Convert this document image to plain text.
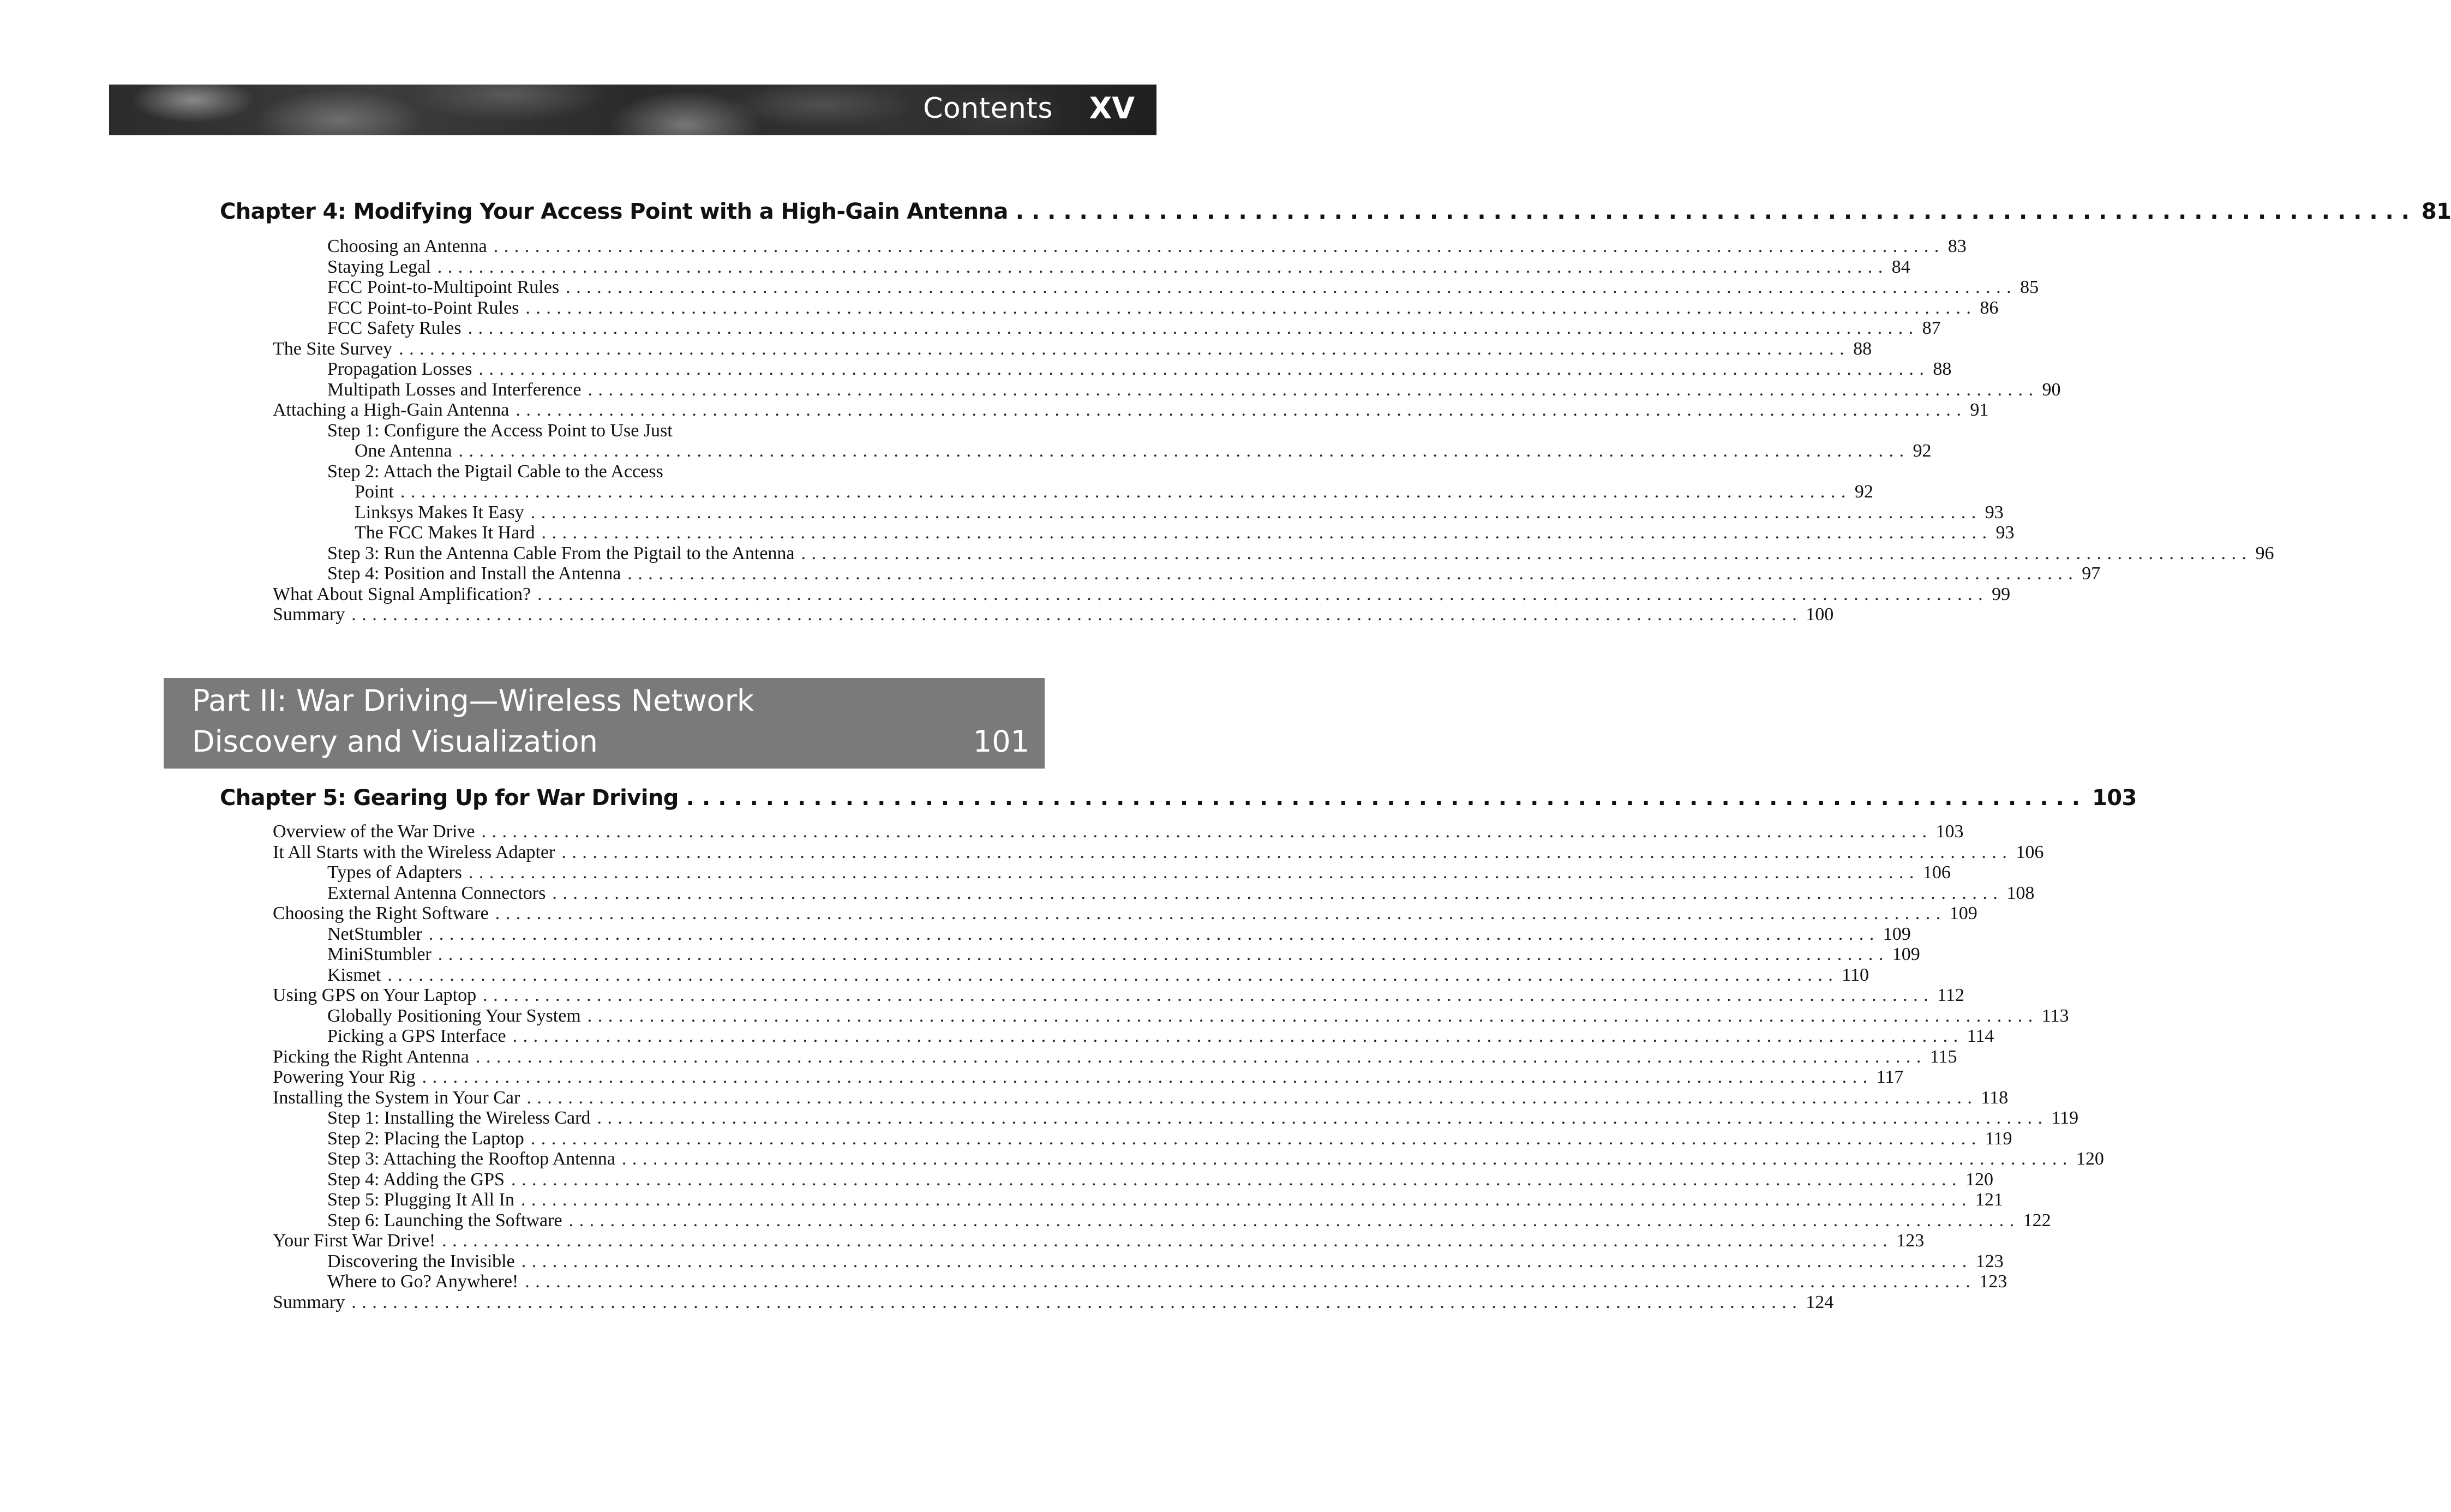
Contents XV
Chapter 4: Modifying Your Access Point with a High-Gain Antenna ........................................................................................ 81
Choosing an Antenna ............................................................................................................................................ 83
Staying Legal ............................................................................................................................................ 84
FCC Point-to-Multipoint Rules ............................................................................................................................................ 85
FCC Point-to-Point Rules ............................................................................................................................................ 86
FCC Safety Rules ............................................................................................................................................ 87
The Site Survey ............................................................................................................................................ 88
Propagation Losses ............................................................................................................................................ 88
Multipath Losses and Interference ............................................................................................................................................ 90
Attaching a High-Gain Antenna ............................................................................................................................................ 91
Step 1: Configure the Access Point to Use Just
One Antenna ............................................................................................................................................ 92
Step 2: Attach the Pigtail Cable to the Access
Point ............................................................................................................................................ 92
Linksys Makes It Easy ............................................................................................................................................ 93
The FCC Makes It Hard ............................................................................................................................................ 93
Step 3: Run the Antenna Cable From the Pigtail to the Antenna ............................................................................................................................................ 96
Step 4: Position and Install the Antenna ............................................................................................................................................ 97
What About Signal Amplification? ............................................................................................................................................ 99
Summary ............................................................................................................................................ 100
Part II: War Driving—Wireless Network
Discovery and Visualization	101
Chapter 5: Gearing Up for War Driving ........................................................................................ 103
Overview of the War Drive ............................................................................................................................................ 103
It All Starts with the Wireless Adapter ............................................................................................................................................ 106
Types of Adapters ............................................................................................................................................ 106
External Antenna Connectors ............................................................................................................................................ 108
Choosing the Right Software ............................................................................................................................................ 109
NetStumbler ............................................................................................................................................ 109
MiniStumbler ............................................................................................................................................ 109
Kismet ............................................................................................................................................ 110
Using GPS on Your Laptop ............................................................................................................................................ 112
Globally Positioning Your System ............................................................................................................................................ 113
Picking a GPS Interface ............................................................................................................................................ 114
Picking the Right Antenna ............................................................................................................................................ 115
Powering Your Rig ............................................................................................................................................ 117
Installing the System in Your Car ............................................................................................................................................ 118
Step 1: Installing the Wireless Card ............................................................................................................................................ 119
Step 2: Placing the Laptop ............................................................................................................................................ 119
Step 3: Attaching the Rooftop Antenna ............................................................................................................................................ 120
Step 4: Adding the GPS ............................................................................................................................................ 120
Step 5: Plugging It All In ............................................................................................................................................ 121
Step 6: Launching the Software ............................................................................................................................................ 122
Your First War Drive! ............................................................................................................................................ 123
Discovering the Invisible ............................................................................................................................................ 123
Where to Go? Anywhere! ............................................................................................................................................ 123
Summary ............................................................................................................................................ 124
